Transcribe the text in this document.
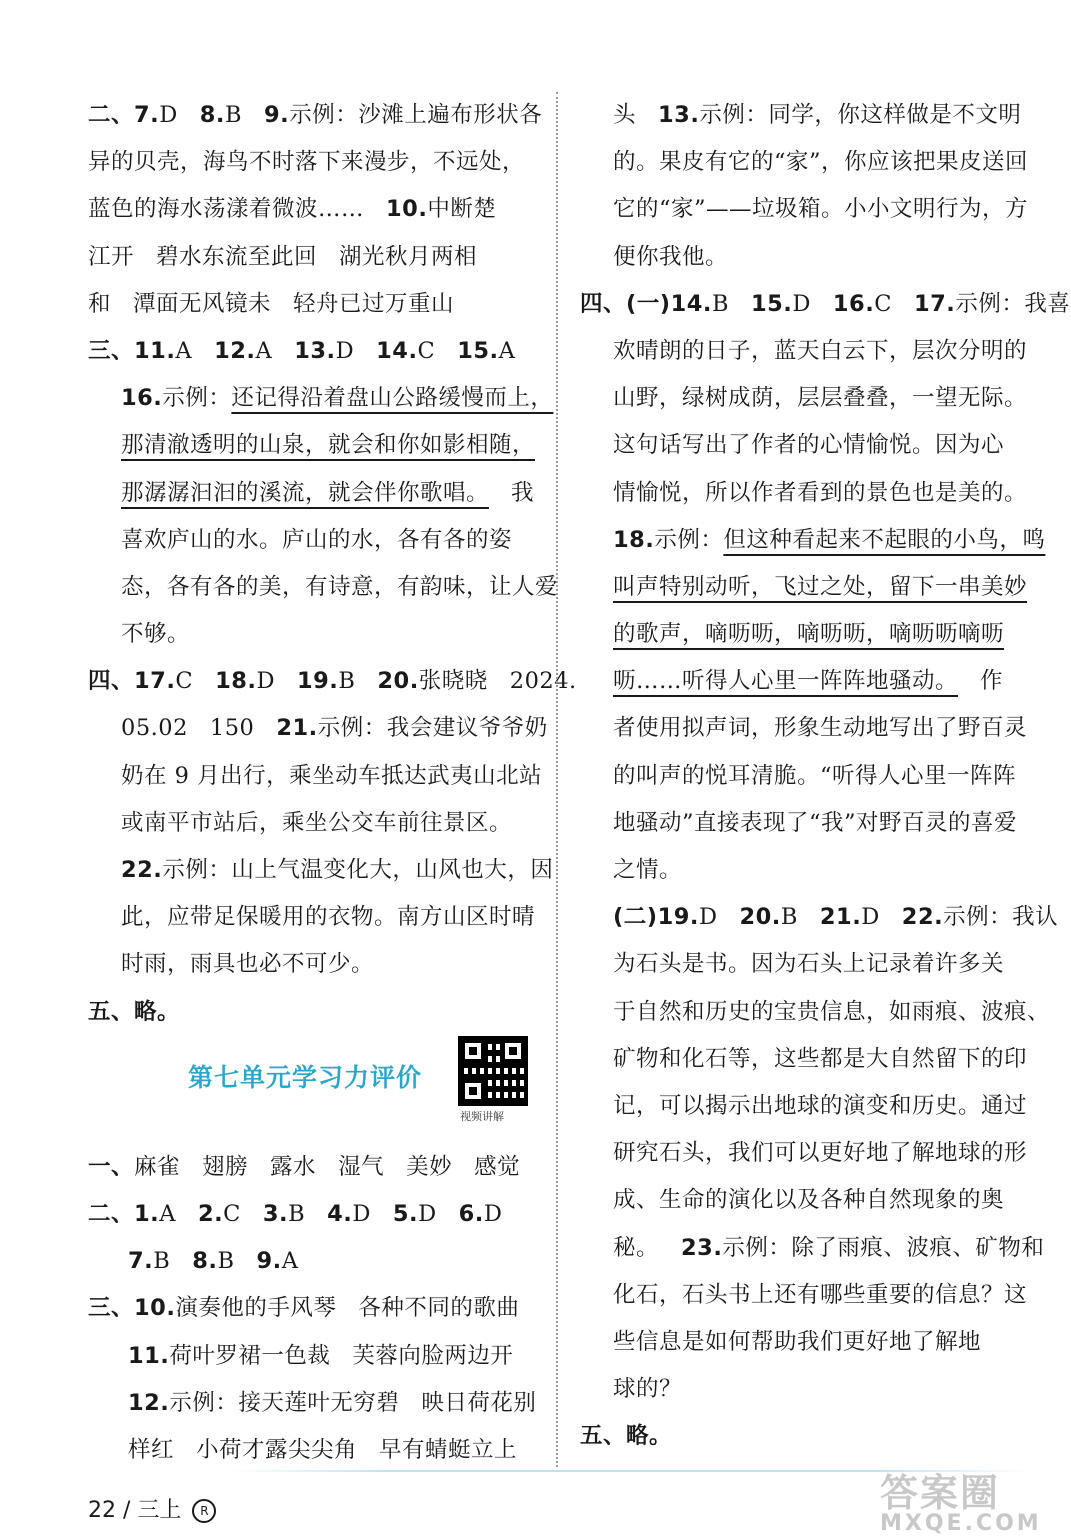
二、7.D 8.B 9.示例：沙滩上遍布形状各
异的贝壳，海鸟不时落下来漫步，不远处，
蓝色的海水荡漾着微波…… 10.中断楚
江开 碧水东流至此回 湖光秋月两相
和 潭面无风镜未 轻舟已过万重山
三、11.A 12.A 13.D 14.C 15.A
16.示例：还记得沿着盘山公路缓慢而上，
那清澈透明的山泉，就会和你如影相随，
那潺潺汩汩的溪流，就会伴你歌唱。 我
喜欢庐山的水。庐山的水，各有各的姿
态，各有各的美，有诗意，有韵味，让人爱
不够。
四、17.C 18.D 19.B 20.张晓晓 2024.
05.02 150 21.示例：我会建议爷爷奶
奶在 9 月出行，乘坐动车抵达武夷山北站
或南平市站后，乘坐公交车前往景区。
22.示例：山上气温变化大，山风也大，因
此，应带足保暖用的衣物。南方山区时晴
时雨，雨具也必不可少。
五、略。
第七单元学习力评价
视频讲解
一、麻雀 翅膀 露水 湿气 美妙 感觉
二、1.A 2.C 3.B 4.D 5.D 6.D
7.B 8.B 9.A
三、10.演奏他的手风琴 各种不同的歌曲
11.荷叶罗裙一色裁 芙蓉向脸两边开
12.示例：接天莲叶无穷碧 映日荷花别
样红 小荷才露尖尖角 早有蜻蜓立上
头 13.示例：同学，你这样做是不文明
的。果皮有它的“家”，你应该把果皮送回
它的“家”——垃圾箱。小小文明行为，方
便你我他。
四、(一)14.B 15.D 16.C 17.示例：我喜
欢晴朗的日子，蓝天白云下，层次分明的
山野，绿树成荫，层层叠叠，一望无际。
这句话写出了作者的心情愉悦。因为心
情愉悦，所以作者看到的景色也是美的。
18.示例：但这种看起来不起眼的小鸟，鸣
叫声特别动听，飞过之处，留下一串美妙
的歌声，嘀呖呖，嘀呖呖，嘀呖呖嘀呖
呖……听得人心里一阵阵地骚动。 作
者使用拟声词，形象生动地写出了野百灵
的叫声的悦耳清脆。“听得人心里一阵阵
地骚动”直接表现了“我”对野百灵的喜爱
之情。
(二)19.D 20.B 21.D 22.示例：我认
为石头是书。因为石头上记录着许多关
于自然和历史的宝贵信息，如雨痕、波痕、
矿物和化石等，这些都是大自然留下的印
记，可以揭示出地球的演变和历史。通过
研究石头，我们可以更好地了解地球的形
成、生命的演化以及各种自然现象的奥
秘。 23.示例：除了雨痕、波痕、矿物和
化石，石头书上还有哪些重要的信息？这
些信息是如何帮助我们更好地了解地
球的？
五、略。
22 / 三上 R	答案圈
MXQE.COM
